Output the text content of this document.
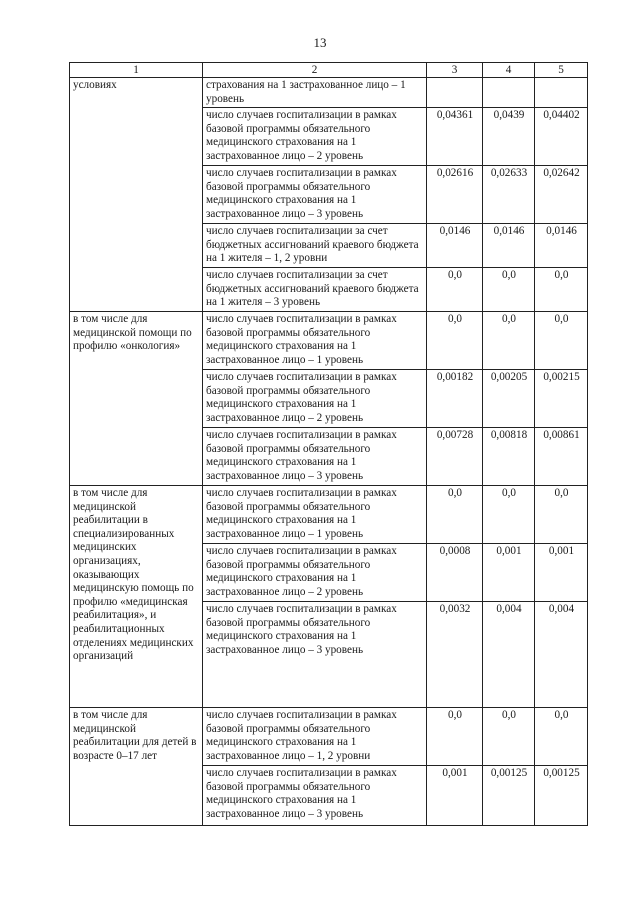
13
1	2	3	4	5
условиях	страхования на 1 застрахованное лицо – 1 уровень			
	число случаев госпитализации в рамках базовой программы обязательного медицинского страхования на 1 застрахованное лицо – 2 уровень	0,04361	0,0439	0,04402
	число случаев госпитализации в рамках базовой программы обязательного медицинского страхования на 1 застрахованное лицо – 3 уровень	0,02616	0,02633	0,02642
	число случаев госпитализации за счет бюджетных ассигнований краевого бюджета на 1 жителя – 1, 2 уровни	0,0146	0,0146	0,0146
	число случаев госпитализации за счет бюджетных ассигнований краевого бюджета на 1 жителя – 3 уровень	0,0	0,0	0,0
в том числе для медицинской помощи по профилю «онкология»	число случаев госпитализации в рамках базовой программы обязательного медицинского страхования на 1 застрахованное лицо – 1 уровень	0,0	0,0	0,0
	число случаев госпитализации в рамках базовой программы обязательного медицинского страхования на 1 застрахованное лицо – 2 уровень	0,00182	0,00205	0,00215
	число случаев госпитализации в рамках базовой программы обязательного медицинского страхования на 1 застрахованное лицо – 3 уровень	0,00728	0,00818	0,00861
в том числе для медицинской реабилитации в специализированных медицинских организациях, оказывающих медицинскую помощь по профилю «медицинская реабилитация», и реабилитационных отделениях медицинских организаций	число случаев госпитализации в рамках базовой программы обязательного медицинского страхования на 1 застрахованное лицо – 1 уровень	0,0	0,0	0,0
	число случаев госпитализации в рамках базовой программы обязательного медицинского страхования на 1 застрахованное лицо – 2 уровень	0,0008	0,001	0,001
	число случаев госпитализации в рамках базовой программы обязательного медицинского страхования на 1 застрахованное лицо – 3 уровень	0,0032	0,004	0,004
в том числе для медицинской реабилитации для детей в возрасте 0–17 лет	число случаев госпитализации в рамках базовой программы обязательного медицинского страхования на 1 застрахованное лицо – 1, 2 уровни	0,0	0,0	0,0
	число случаев госпитализации в рамках базовой программы обязательного медицинского страхования на 1 застрахованное лицо – 3 уровень	0,001	0,00125	0,00125
